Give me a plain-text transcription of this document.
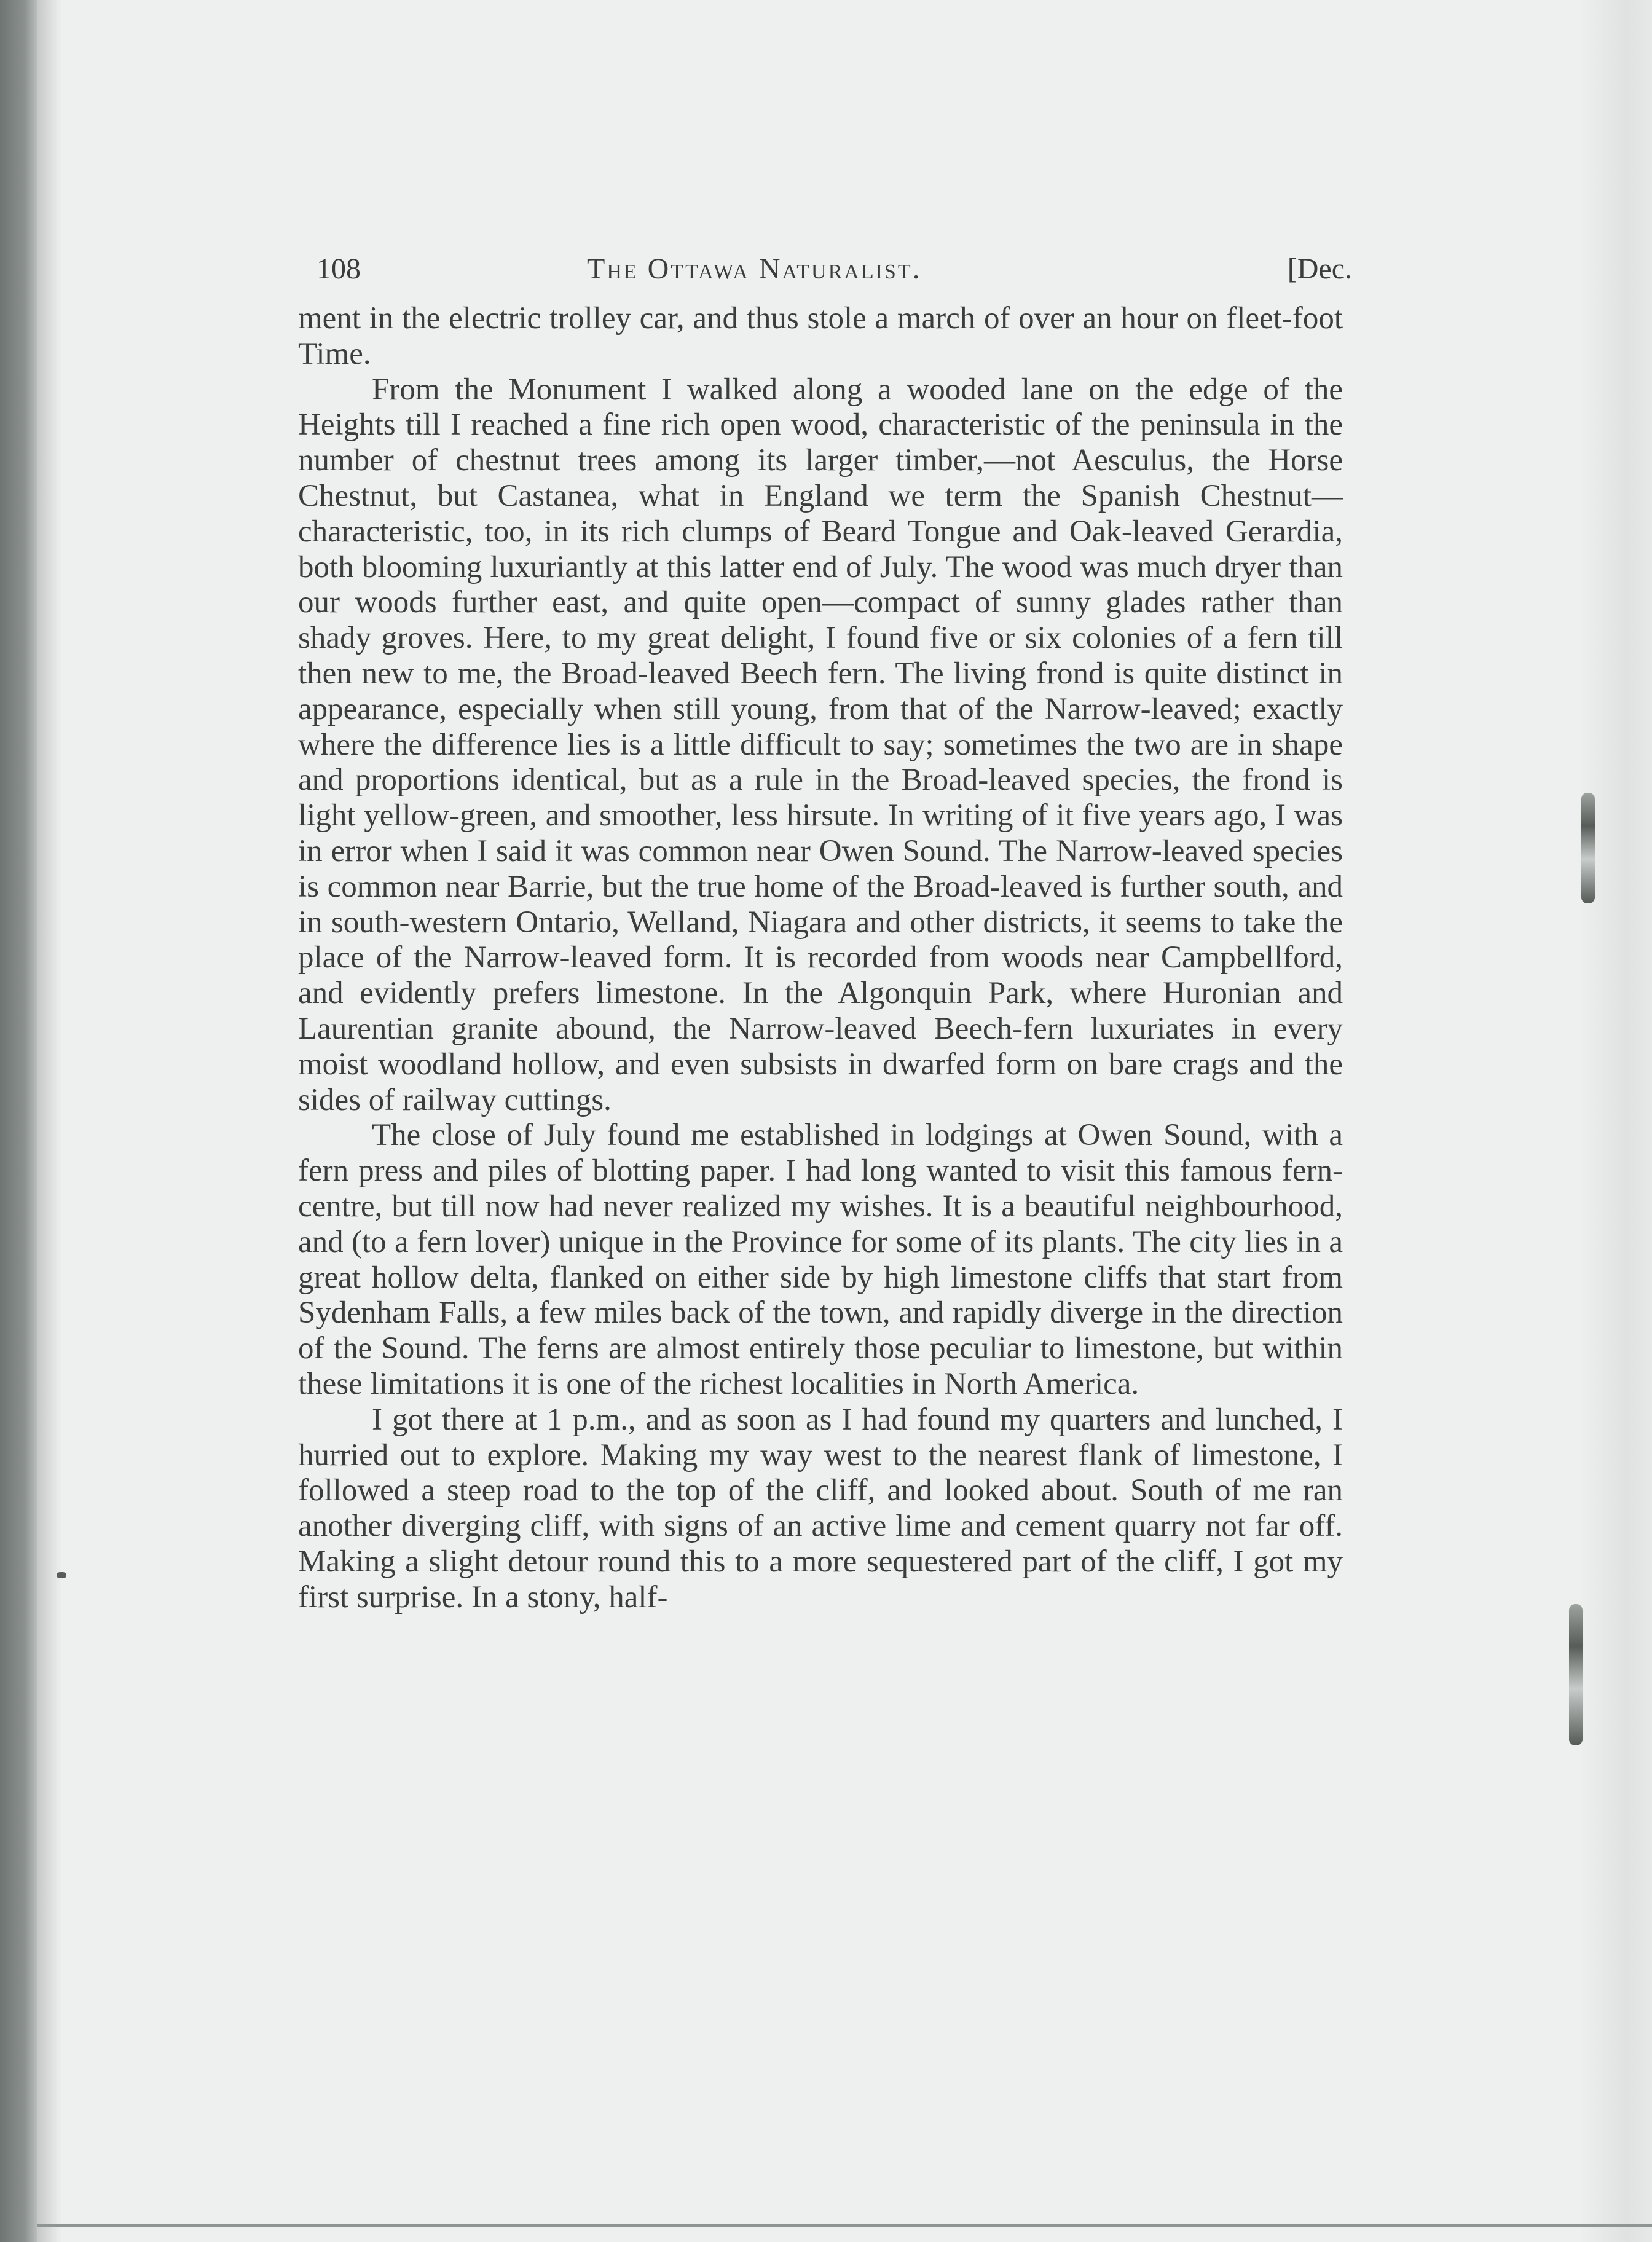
108	The Ottawa Naturalist.	[Dec.

ment in the electric trolley car, and thus stole a march of over an hour on fleet-foot Time.

From the Monument I walked along a wooded lane on the edge of the Heights till I reached a fine rich open wood, characteristic of the peninsula in the number of chestnut trees among its larger timber,—not Aesculus, the Horse Chestnut, but Castanea, what in England we term the Spanish Chestnut—characteristic, too, in its rich clumps of Beard Tongue and Oak-leaved Gerardia, both blooming luxuriantly at this latter end of July. The wood was much dryer than our woods further east, and quite open—compact of sunny glades rather than shady groves. Here, to my great delight, I found five or six colonies of a fern till then new to me, the Broad-leaved Beech fern. The living frond is quite distinct in appearance, especially when still young, from that of the Narrow-leaved; exactly where the difference lies is a little difficult to say; sometimes the two are in shape and proportions identical, but as a rule in the Broad-leaved species, the frond is light yellow-green, and smoother, less hirsute. In writing of it five years ago, I was in error when I said it was common near Owen Sound. The Narrow-leaved species is common near Barrie, but the true home of the Broad-leaved is further south, and in south-western Ontario, Welland, Niagara and other districts, it seems to take the place of the Narrow-leaved form. It is recorded from woods near Campbellford, and evidently prefers limestone. In the Algonquin Park, where Huronian and Laurentian granite abound, the Narrow-leaved Beech-fern luxuriates in every moist woodland hollow, and even subsists in dwarfed form on bare crags and the sides of railway cuttings.

The close of July found me established in lodgings at Owen Sound, with a fern press and piles of blotting paper. I had long wanted to visit this famous fern-centre, but till now had never realized my wishes. It is a beautiful neighbourhood, and (to a fern lover) unique in the Province for some of its plants. The city lies in a great hollow delta, flanked on either side by high limestone cliffs that start from Sydenham Falls, a few miles back of the town, and rapidly diverge in the direction of the Sound. The ferns are almost entirely those peculiar to limestone, but within these limitations it is one of the richest localities in North America.

I got there at 1 p.m., and as soon as I had found my quarters and lunched, I hurried out to explore. Making my way west to the nearest flank of limestone, I followed a steep road to the top of the cliff, and looked about. South of me ran another diverging cliff, with signs of an active lime and cement quarry not far off. Making a slight detour round this to a more sequestered part of the cliff, I got my first surprise. In a stony, half-
